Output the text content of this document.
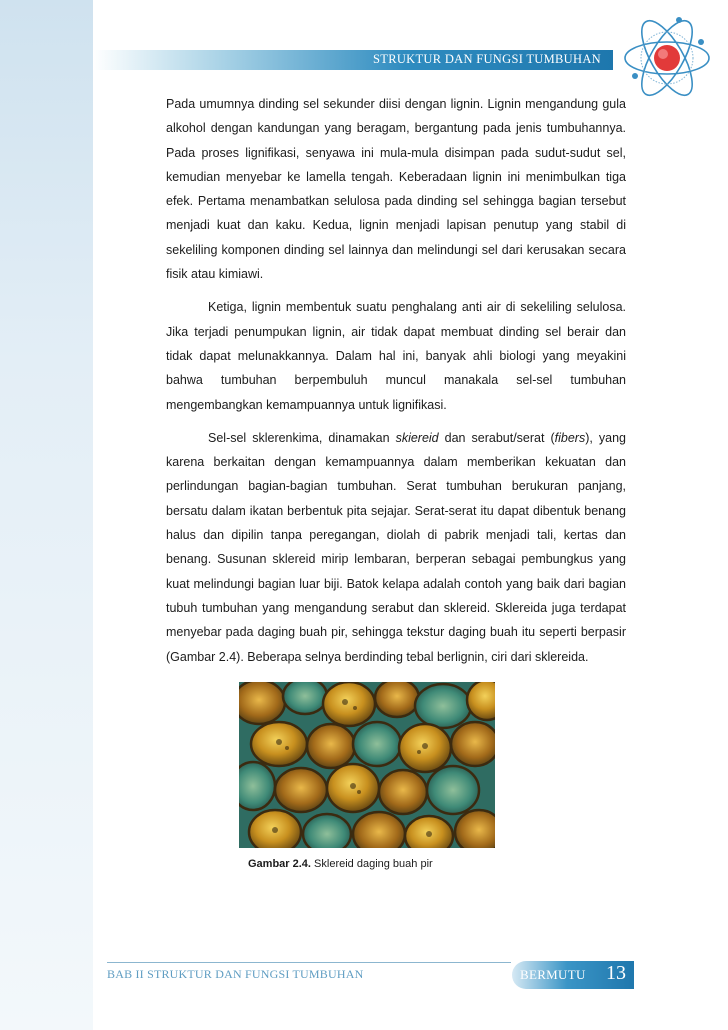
STRUKTUR DAN FUNGSI TUMBUHAN

Pada umumnya dinding sel sekunder diisi dengan lignin. Lignin mengandung gula alkohol dengan kandungan yang beragam, bergantung pada jenis tumbuhannya. Pada proses lignifikasi, senyawa ini mula-mula disimpan pada sudut-sudut sel, kemudian menyebar ke lamella tengah. Keberadaan lignin ini menimbulkan tiga efek. Pertama menambatkan selulosa pada dinding sel sehingga bagian tersebut menjadi kuat dan kaku. Kedua, lignin menjadi lapisan penutup yang stabil di sekeliling komponen dinding sel lainnya dan melindungi sel dari kerusakan secara fisik atau kimiawi.

Ketiga, lignin membentuk suatu penghalang anti air di sekeliling selulosa. Jika terjadi penumpukan lignin, air tidak dapat membuat dinding sel berair dan tidak dapat melunakkannya. Dalam hal ini, banyak ahli biologi yang meyakini bahwa tumbuhan berpembuluh muncul manakala sel-sel tumbuhan mengembangkan kemampuannya untuk lignifikasi.

Sel-sel sklerenkima, dinamakan skiereid dan serabut/serat (fibers), yang karena berkaitan dengan kemampuannya dalam memberikan kekuatan dan perlindungan bagian-bagian tumbuhan. Serat tumbuhan berukuran panjang, bersatu dalam ikatan berbentuk pita sejajar. Serat-serat itu dapat dibentuk benang halus dan dipilin tanpa peregangan, diolah di pabrik menjadi tali, kertas dan benang. Susunan sklereid mirip lembaran, berperan sebagai pembungkus yang kuat melindungi bagian luar biji. Batok kelapa adalah contoh yang baik dari bagian tubuh tumbuhan yang mengandung serabut dan sklereid. Sklereida juga terdapat menyebar pada daging buah pir, sehingga tekstur daging buah itu seperti berpasir (Gambar 2.4). Beberapa selnya berdinding tebal berlignin, ciri dari sklereida.

Gambar 2.4. Sklereid daging buah pir
BAB II STRUKTUR DAN FUNGSI TUMBUHAN	BERMUTU 13
